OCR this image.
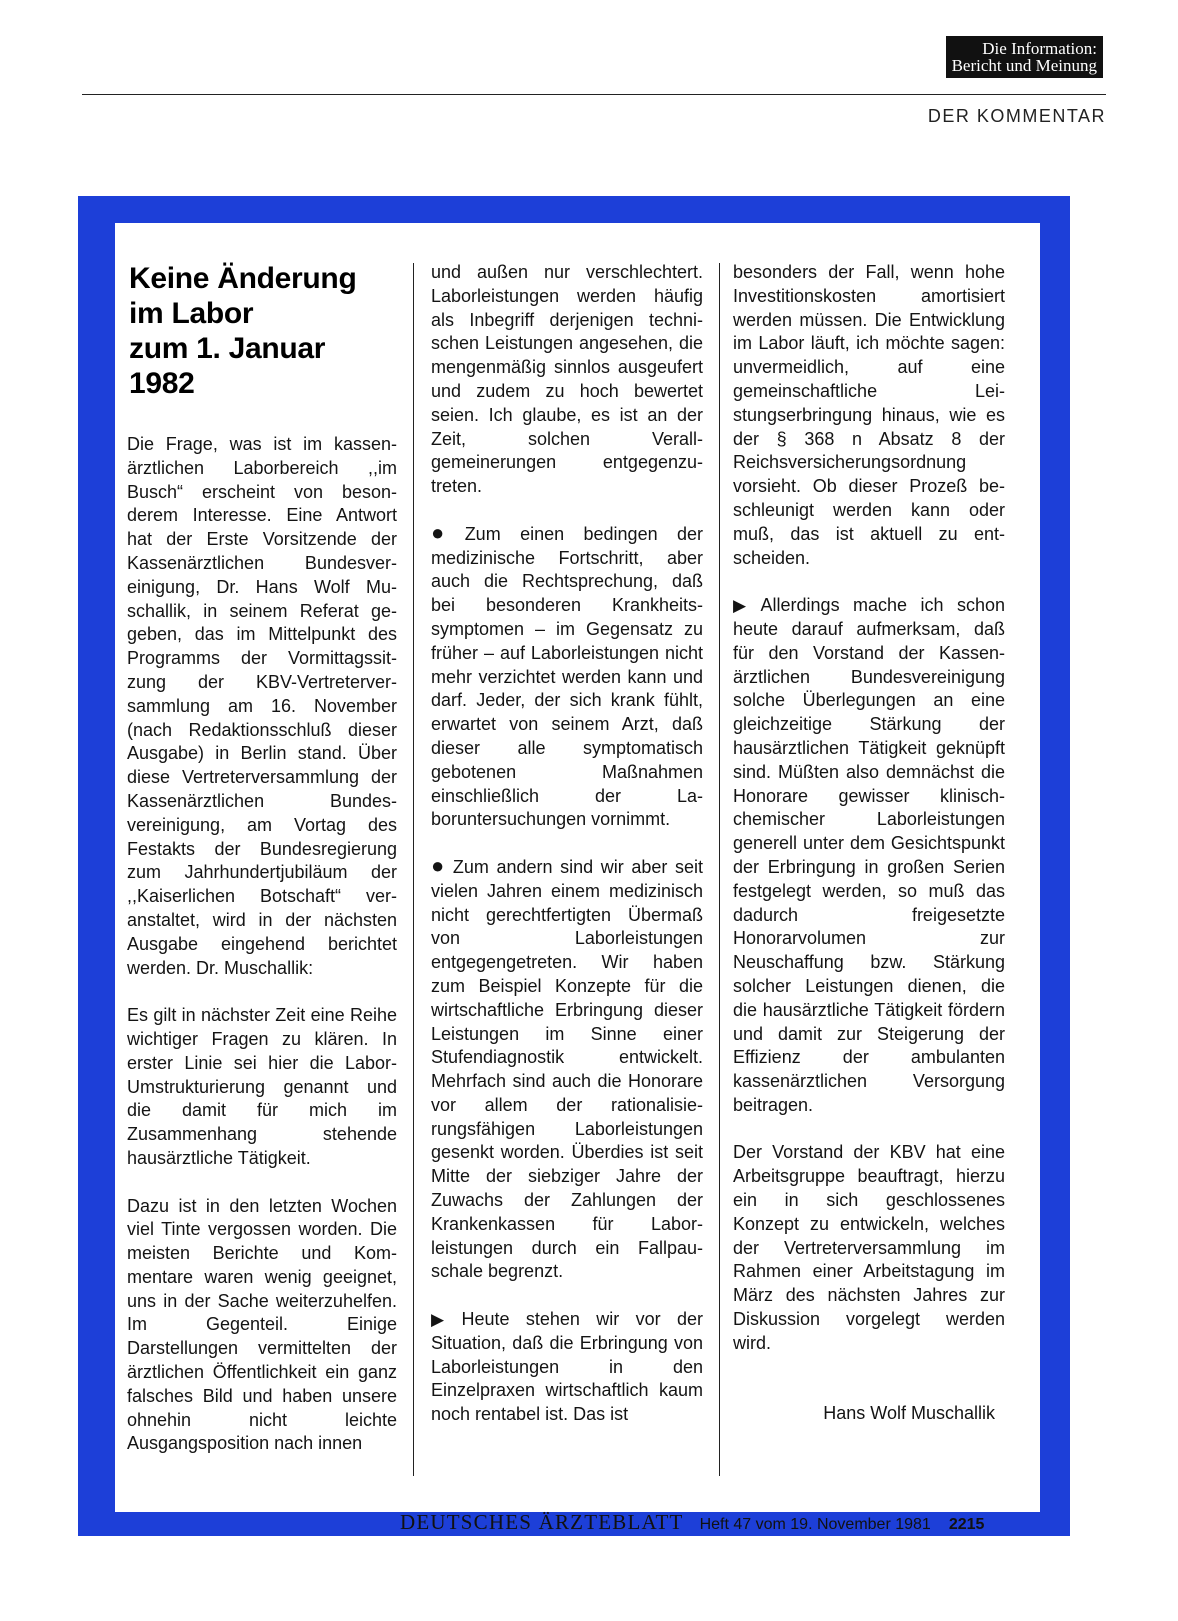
Die Information:
Bericht und Meinung
DER KOMMENTAR
Keine Änderung
im Labor
zum 1. Januar 1982

Die Frage, was ist im kassenärztlichen Laborbereich ,,im Busch“ erscheint von besonderem Interesse. Eine Antwort hat der Erste Vorsitzende der Kassenärztlichen Bundesvereinigung, Dr. Hans Wolf Muschallik, in seinem Referat gegeben, das im Mittelpunkt des Programms der Vormittagssitzung der KBV-Vertreterversammlung am 16. November (nach Redaktionsschluß dieser Ausgabe) in Berlin stand. Über diese Vertreterversammlung der Kassenärztlichen Bundesvereinigung, am Vortag des Festakts der Bundesregierung zum Jahrhundertjubiläum der ,,Kaiserlichen Botschaft“ veranstaltet, wird in der nächsten Ausgabe eingehend berichtet werden. Dr. Muschallik:

Es gilt in nächster Zeit eine Reihe wichtiger Fragen zu klären. In erster Linie sei hier die Labor-Umstrukturierung genannt und die damit für mich im Zusammenhang stehende hausärztliche Tätigkeit.

Dazu ist in den letzten Wochen viel Tinte vergossen worden. Die meisten Berichte und Kommentare waren wenig geeignet, uns in der Sache weiterzuhelfen. Im Gegenteil. Einige Darstellungen vermittelten der ärztlichen Öffentlichkeit ein ganz falsches Bild und haben unsere ohnehin nicht leichte Ausgangsposition nach innen

und außen nur verschlechtert. Laborleistungen werden häufig als Inbegriff derjenigen technischen Leistungen angesehen, die mengenmäßig sinnlos ausgeufert und zudem zu hoch bewertet seien. Ich glaube, es ist an der Zeit, solchen Verallgemeinerungen entgegenzutreten.

● Zum einen bedingen der medizinische Fortschritt, aber auch die Rechtsprechung, daß bei besonderen Krankheitssymptomen – im Gegensatz zu früher – auf Laborleistungen nicht mehr verzichtet werden kann und darf. Jeder, der sich krank fühlt, erwartet von seinem Arzt, daß dieser alle symptomatisch gebotenen Maßnahmen einschließlich der Laboruntersuchungen vornimmt.

● Zum andern sind wir aber seit vielen Jahren einem medizinisch nicht gerechtfertigten Übermaß von Laborleistungen entgegengetreten. Wir haben zum Beispiel Konzepte für die wirtschaftliche Erbringung dieser Leistungen im Sinne einer Stufendiagnostik entwickelt. Mehrfach sind auch die Honorare vor allem der rationalisierungsfähigen Laborleistungen gesenkt worden. Überdies ist seit Mitte der siebziger Jahre der Zuwachs der Zahlungen der Krankenkassen für Laborleistungen durch ein Fallpauschale begrenzt.

▶ Heute stehen wir vor der Situation, daß die Erbringung von Laborleistungen in den Einzelpraxen wirtschaftlich kaum noch rentabel ist. Das ist

besonders der Fall, wenn hohe Investitionskosten amortisiert werden müssen. Die Entwicklung im Labor läuft, ich möchte sagen: unvermeidlich, auf eine gemeinschaftliche Leistungserbringung hinaus, wie es der § 368 n Absatz 8 der Reichsversicherungsordnung vorsieht. Ob dieser Prozeß beschleunigt werden kann oder muß, das ist aktuell zu entscheiden.

▶ Allerdings mache ich schon heute darauf aufmerksam, daß für den Vorstand der Kassenärztlichen Bundesvereinigung solche Überlegungen an eine gleichzeitige Stärkung der hausärztlichen Tätigkeit geknüpft sind. Müßten also demnächst die Honorare gewisser klinisch-chemischer Laborleistungen generell unter dem Gesichtspunkt der Erbringung in großen Serien festgelegt werden, so muß das dadurch freigesetzte Honorarvolumen zur Neuschaffung bzw. Stärkung solcher Leistungen dienen, die die hausärztliche Tätigkeit fördern und damit zur Steigerung der Effizienz der ambulanten kassenärztlichen Versorgung beitragen.

Der Vorstand der KBV hat eine Arbeitsgruppe beauftragt, hierzu ein in sich geschlossenes Konzept zu entwickeln, welches der Vertreterversammlung im Rahmen einer Arbeitstagung im März des nächsten Jahres zur Diskussion vorgelegt werden wird.

Hans Wolf Muschallik
DEUTSCHES ÄRZTEBLATT Heft 47 vom 19. November 1981 2215
